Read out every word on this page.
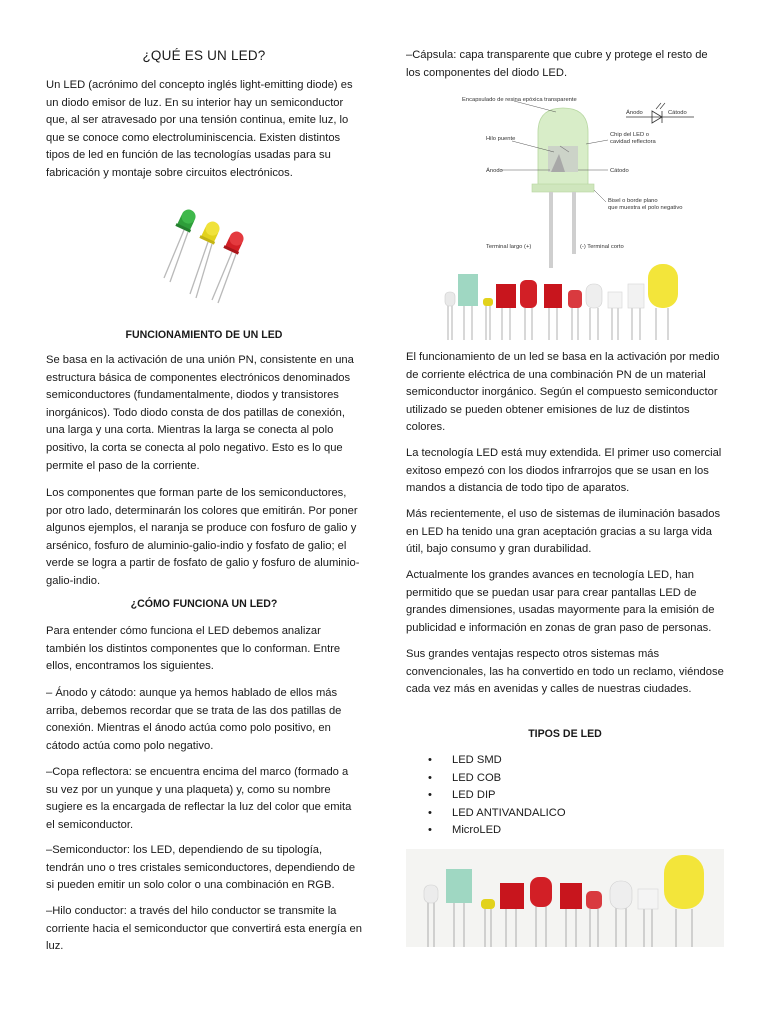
¿QUÉ ES UN LED?

Un LED (acrónimo del concepto inglés light-emitting diode) es un diodo emisor de luz. En su interior hay un semiconductor que, al ser atravesado por una tensión continua, emite luz, lo que se conoce como electroluminiscencia. Existen distintos tipos de led en función de las tecnologías usadas para su fabricación y montaje sobre circuitos electrónicos.

FUNCIONAMIENTO DE UN LED

Se basa en la activación de una unión PN, consistente en una estructura básica de componentes electrónicos denominados semiconductores (fundamentalmente, diodos y transistores inorgánicos). Todo diodo consta de dos patillas de conexión, una larga y una corta. Mientras la larga se conecta al polo positivo, la corta se conecta al polo negativo. Esto es lo que permite el paso de la corriente.

Los componentes que forman parte de los semiconductores, por otro lado, determinarán los colores que emitirán. Por poner algunos ejemplos, el naranja se produce con fosfuro de galio y arsénico, fosfuro de aluminio-galio-indio y fosfato de galio; el verde se logra a partir de fosfato de galio y fosfuro de aluminio-galio-indio.

¿CÓMO FUNCIONA UN LED?

Para entender cómo funciona el LED debemos analizar también los distintos componentes que lo conforman. Entre ellos, encontramos los siguientes.

– Ánodo y cátodo: aunque ya hemos hablado de ellos más arriba, debemos recordar que se trata de las dos patillas de conexión. Mientras el ánodo actúa como polo positivo, en cátodo actúa como polo negativo.

–Copa reflectora: se encuentra encima del marco (formado a su vez por un yunque y una plaqueta) y, como su nombre sugiere es la encargada de reflectar la luz del color que emita el semiconductor.

–Semiconductor: los LED, dependiendo de su tipología, tendrán uno o tres cristales semiconductores, dependiendo de si pueden emitir un solo color o una combinación en RGB.

–Hilo conductor: a través del hilo conductor se transmite la corriente hacia el semiconductor que convertirá esta energía en luz.

–Cápsula: capa transparente que cubre y protege el resto de los componentes del diodo LED.

Encapsulado de resina epóxica transparente
Ánodo	Cátodo
Hilo puente
Chip del LED o
cavidad reflectora
Ánodo	Cátodo
Bisel o borde plano
que muestra el polo negativo
Terminal largo (+)	(-) Terminal corto

El funcionamiento de un led se basa en la activación por medio de corriente eléctrica de una combinación PN de un material semiconductor inorgánico. Según el compuesto semiconductor utilizado se pueden obtener emisiones de luz de distintos colores.

La tecnología LED está muy extendida. El primer uso comercial exitoso empezó con los diodos infrarrojos que se usan en los mandos a distancia de todo tipo de aparatos.

Más recientemente, el uso de sistemas de iluminación basados en LED ha tenido una gran aceptación gracias a su larga vida útil, bajo consumo y gran durabilidad.

Actualmente los grandes avances en tecnología LED, han permitido que se puedan usar para crear pantallas LED de grandes dimensiones, usadas mayormente para la emisión de publicidad e información en zonas de gran paso de personas.

Sus grandes ventajas respecto otros sistemas más convencionales, las ha convertido en todo un reclamo, viéndose cada vez más en avenidas y calles de nuestras ciudades.

TIPOS DE LED
• LED SMD
• LED COB
• LED DIP
• LED ANTIVANDALICO
• MicroLED
